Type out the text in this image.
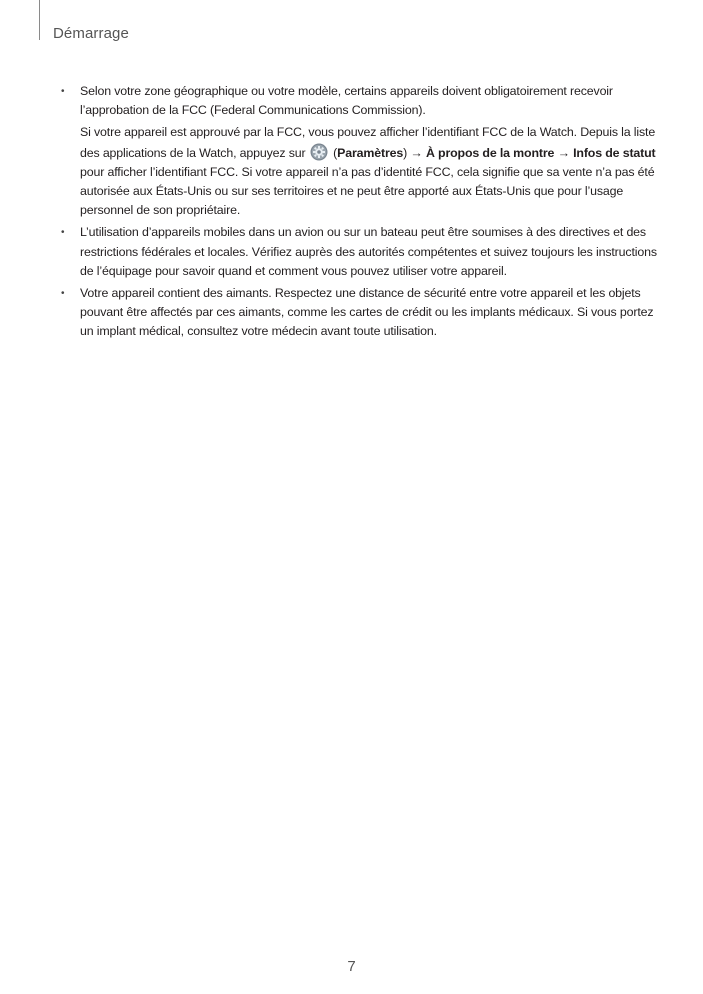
Démarrage
•	Selon votre zone géographique ou votre modèle, certains appareils doivent obligatoirement recevoir l’approbation de la FCC (Federal Communications Commission).

Si votre appareil est approuvé par la FCC, vous pouvez afficher l’identifiant FCC de la Watch. Depuis la liste des applications de la Watch, appuyez sur  (Paramètres) → À propos de la montre → Infos de statut pour afficher l’identifiant FCC. Si votre appareil n’a pas d’identité FCC, cela signifie que sa vente n’a pas été autorisée aux États-Unis ou sur ses territoires et ne peut être apporté aux États-Unis que pour l’usage personnel de son propriétaire.

•	L’utilisation d’appareils mobiles dans un avion ou sur un bateau peut être soumises à des directives et des restrictions fédérales et locales. Vérifiez auprès des autorités compétentes et suivez toujours les instructions de l’équipage pour savoir quand et comment vous pouvez utiliser votre appareil.

•	Votre appareil contient des aimants. Respectez une distance de sécurité entre votre appareil et les objets pouvant être affectés par ces aimants, comme les cartes de crédit ou les implants médicaux. Si vous portez un implant médical, consultez votre médecin avant toute utilisation.

7
